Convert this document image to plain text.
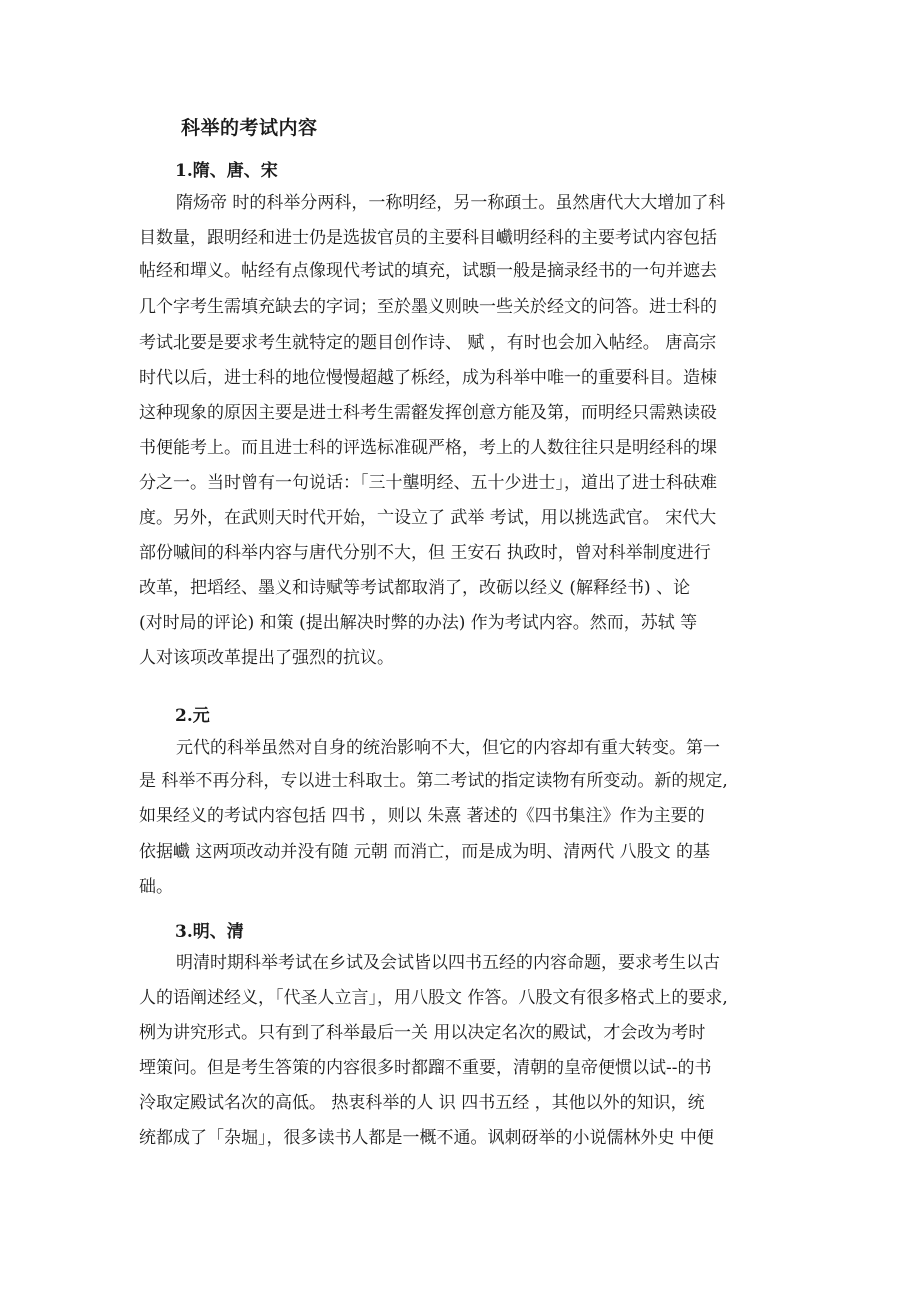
科举的考试内容
1.隋、唐、宋
隋炀帝 时的科举分两科，一称明经，另一称頙士。虽然唐代大大增加了科
目数量，跟明经和进士仍是选拔官员的主要科目巇明经科的主要考试内容包括
帖经和墠义。帖经有点像现代考试的填充，试顋一般是摘录经书的一句并遮去
几个字考生需填充缺去的字词；至於墨义则映一些关於经文的问答。进士科的
考试北要是要求考生就特定的题目创作诗、 赋 ，有时也会加入帖经。 唐高宗
时代以后，进士科的地位慢慢超越了栎经，成为科举中唯一的重要科目。造栜
这种现象的原因主要是进士科考生需壡发挥创意方能及第，而明经只需熟读砓
书便能考上。而且进士科的评选标准砚严格，考上的人数往往只是明经科的堁
分之一。当时曾有一句说话：「三十壟明经、五十少进士」，道出了进士科砆难
度。另外，在武则天时代开始，亠设立了 武举 考试，用以挑选武官。 宋代大
部份嘁间的科举内容与唐代分别不大，但 王安石 执政时，曾对科举制度进行
改革，把塪经、墨义和诗赋等考试都取消了，改砺以经义 (解释经书) 、论
(对时局的评论) 和策 (提出解决时弊的办法) 作为考试内容。然而，苏轼 等
人对该项改革提出了强烈的抗议。
2.元
元代的科举虽然对自身的统治影响不大，但它的内容却有重大转变。第一
是 科举不再分科，专以进士科取士。第二考试的指定读物有所变动。新的规定,
如果经义的考试内容包括 四书 ，则以 朱熹 著述的《四书集注》作为主要的
依据巇 这两项改动并没有随 元朝 而消亡，而是成为明、清两代 八股文 的基
础。
3.明、清
明清时期科举考试在乡试及会试皆以四书五经的内容命题，要求考生以古
人的语阐述经义，「代圣人立言」，用八股文 作答。八股文有很多格式上的要求,
栵为讲究形式。只有到了科举最后一关 用以决定名次的殿试，才会改为考时
堙策问。但是考生答策的内容很多时都蹓不重要，清朝的皇帝便惯以试--的书
泠取定殿试名次的高低。 热衷科举的人 识 四书五经 ，其他以外的知识，统
统都成了「杂堀」，很多读书人都是一概不通。讽刺砑举的小说儒林外史 中便
